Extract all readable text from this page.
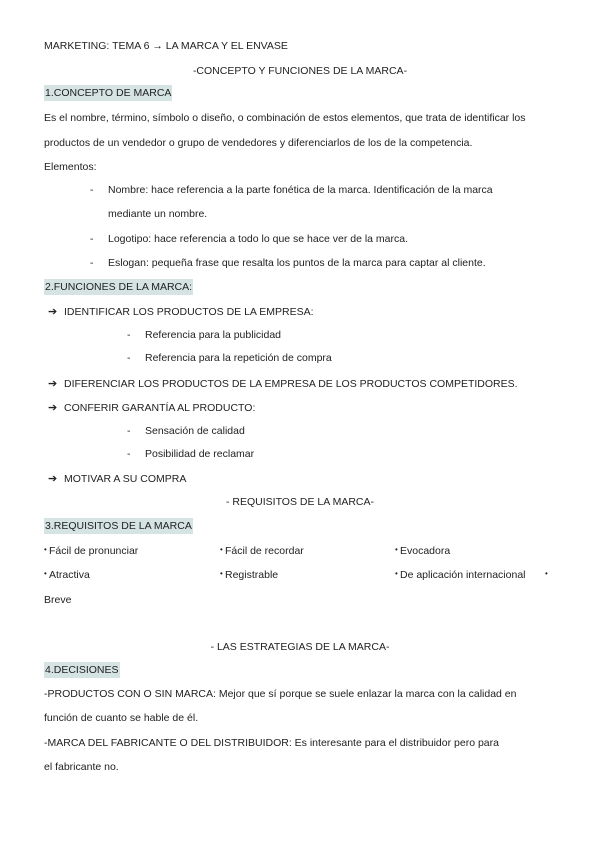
MARKETING: TEMA 6 → LA MARCA Y EL ENVASE
-CONCEPTO Y FUNCIONES DE LA MARCA-
1.CONCEPTO DE MARCA
Es el nombre, término, símbolo o diseño, o combinación de estos elementos, que trata de identificar los
productos de un vendedor o grupo de vendedores y diferenciarlos de los de la competencia.
Elementos:
- Nombre: hace referencia a la parte fonética de la marca. Identificación de la marca
mediante un nombre.
- Logotipo: hace referencia a todo lo que se hace ver de la marca.
- Eslogan: pequeña frase que resalta los puntos de la marca para captar al cliente.
2.FUNCIONES DE LA MARCA:
➔ IDENTIFICAR LOS PRODUCTOS DE LA EMPRESA:
- Referencia para la publicidad
- Referencia para la repetición de compra
➔ DIFERENCIAR LOS PRODUCTOS DE LA EMPRESA DE LOS PRODUCTOS COMPETIDORES.
➔ CONFERIR GARANTÍA AL PRODUCTO:
- Sensación de calidad
- Posibilidad de reclamar
➔ MOTIVAR A SU COMPRA
- REQUISITOS DE LA MARCA-
3.REQUISITOS DE LA MARCA
• Fácil de pronunciar	• Fácil de recordar	• Evocadora
• Atractiva	• Registrable	• De aplicación internacional •
Breve
- LAS ESTRATEGIAS DE LA MARCA-
4.DECISIONES
-PRODUCTOS CON O SIN MARCA: Mejor que sí porque se suele enlazar la marca con la calidad en
función de cuanto se hable de él.
-MARCA DEL FABRICANTE O DEL DISTRIBUIDOR: Es interesante para el distribuidor pero para
el fabricante no.
